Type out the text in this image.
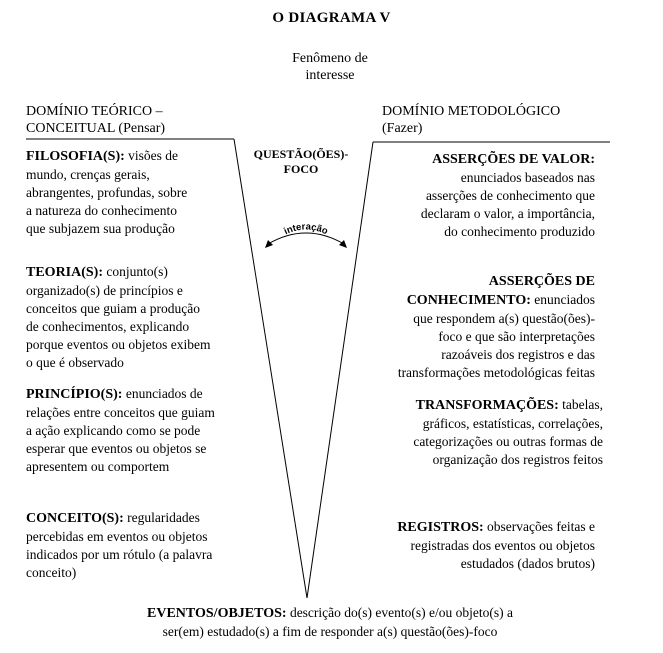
O DIAGRAMA V
Fenômeno de
interesse
DOMÍNIO TEÓRICO –
CONCEITUAL (Pensar)
DOMÍNIO METODOLÓGICO
(Fazer)
QUESTÃO(ÕES)-
FOCO
interação
FILOSOFIA(S): visões de
mundo, crenças gerais,
abrangentes, profundas, sobre
a natureza do conhecimento
que subjazem sua produção
TEORIA(S): conjunto(s)
organizado(s) de princípios e
conceitos que guiam a produção
de conhecimentos, explicando
porque eventos ou objetos exibem
o que é observado
PRINCÍPIO(S): enunciados de
relações entre conceitos que guiam
a ação explicando como se pode
esperar que eventos ou objetos se
apresentem ou comportem
CONCEITO(S): regularidades
percebidas em eventos ou objetos
indicados por um rótulo (a palavra
conceito)
ASSERÇÕES DE VALOR:
enunciados baseados nas
asserções de conhecimento que
declaram o valor, a importância,
do conhecimento produzido
ASSERÇÕES DE
CONHECIMENTO: enunciados
que respondem a(s) questão(ões)-
foco e que são interpretações
razoáveis dos registros e das
transformações metodológicas feitas
TRANSFORMAÇÕES: tabelas,
gráficos, estatísticas, correlações,
categorizações ou outras formas de
organização dos registros feitos
REGISTROS: observações feitas e
registradas dos eventos ou objetos
estudados (dados brutos)
EVENTOS/OBJETOS: descrição do(s) evento(s) e/ou objeto(s) a
ser(em) estudado(s) a fim de responder a(s) questão(ões)-foco
